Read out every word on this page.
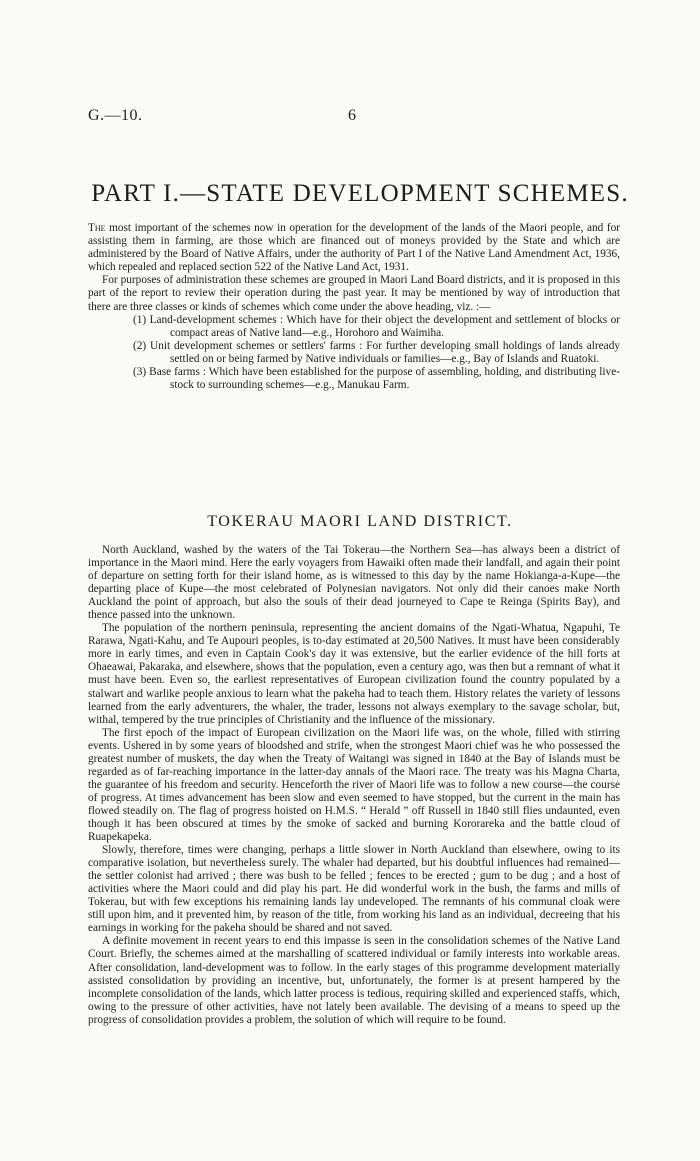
G.—10.	6
PART I.—STATE DEVELOPMENT SCHEMES.

The most important of the schemes now in operation for the development of the lands of the Maori people, and for assisting them in farming, are those which are financed out of moneys provided by the State and which are administered by the Board of Native Affairs, under the authority of Part I of the Native Land Amendment Act, 1936, which repealed and replaced section 522 of the Native Land Act, 1931.

For purposes of administration these schemes are grouped in Maori Land Board districts, and it is proposed in this part of the report to review their operation during the past year. It may be mentioned by way of introduction that there are three classes or kinds of schemes which come under the above heading, viz. :—

(1) Land-development schemes : Which have for their object the development and settlement of blocks or compact areas of Native land—e.g., Horohoro and Waimiha.
(2) Unit development schemes or settlers' farms : For further developing small holdings of lands already settled on or being farmed by Native individuals or families—e.g., Bay of Islands and Ruatoki.
(3) Base farms : Which have been established for the purpose of assembling, holding, and distributing live-stock to surrounding schemes—e.g., Manukau Farm.
TOKERAU MAORI LAND DISTRICT.

North Auckland, washed by the waters of the Tai Tokerau—the Northern Sea—has always been a district of importance in the Maori mind. Here the early voyagers from Hawaiki often made their landfall, and again their point of departure on setting forth for their island home, as is witnessed to this day by the name Hokianga-a-Kupe—the departing place of Kupe—the most celebrated of Polynesian navigators. Not only did their canoes make North Auckland the point of approach, but also the souls of their dead journeyed to Cape te Reinga (Spirits Bay), and thence passed into the unknown.

The population of the northern peninsula, representing the ancient domains of the Ngati-Whatua, Ngapuhi, Te Rarawa, Ngati-Kahu, and Te Aupouri peoples, is to-day estimated at 20,500 Natives. It must have been considerably more in early times, and even in Captain Cook's day it was extensive, but the earlier evidence of the hill forts at Ohaeawai, Pakaraka, and elsewhere, shows that the population, even a century ago, was then but a remnant of what it must have been. Even so, the earliest representatives of European civilization found the country populated by a stalwart and warlike people anxious to learn what the pakeha had to teach them. History relates the variety of lessons learned from the early adventurers, the whaler, the trader, lessons not always exemplary to the savage scholar, but, withal, tempered by the true principles of Christianity and the influence of the missionary.

The first epoch of the impact of European civilization on the Maori life was, on the whole, filled with stirring events. Ushered in by some years of bloodshed and strife, when the strongest Maori chief was he who possessed the greatest number of muskets, the day when the Treaty of Waitangi was signed in 1840 at the Bay of Islands must be regarded as of far-reaching importance in the latter-day annals of the Maori race. The treaty was his Magna Charta, the guarantee of his freedom and security. Henceforth the river of Maori life was to follow a new course—the course of progress. At times advancement has been slow and even seemed to have stopped, but the current in the main has flowed steadily on. The flag of progress hoisted on H.M.S. “ Herald ” off Russell in 1840 still flies undaunted, even though it has been obscured at times by the smoke of sacked and burning Kororareka and the battle cloud of Ruapekapeka.

Slowly, therefore, times were changing, perhaps a little slower in North Auckland than elsewhere, owing to its comparative isolation, but nevertheless surely. The whaler had departed, but his doubtful influences had remained—the settler colonist had arrived ; there was bush to be felled ; fences to be erected ; gum to be dug ; and a host of activities where the Maori could and did play his part. He did wonderful work in the bush, the farms and mills of Tokerau, but with few exceptions his remaining lands lay undeveloped. The remnants of his communal cloak were still upon him, and it prevented him, by reason of the title, from working his land as an individual, decreeing that his earnings in working for the pakeha should be shared and not saved.

A definite movement in recent years to end this impasse is seen in the consolidation schemes of the Native Land Court. Briefly, the schemes aimed at the marshalling of scattered individual or family interests into workable areas. After consolidation, land-development was to follow. In the early stages of this programme development materially assisted consolidation by providing an incentive, but, unfortunately, the former is at present hampered by the incomplete consolidation of the lands, which latter process is tedious, requiring skilled and experienced staffs, which, owing to the pressure of other activities, have not lately been available. The devising of a means to speed up the progress of consolidation provides a problem, the solution of which will require to be found.
